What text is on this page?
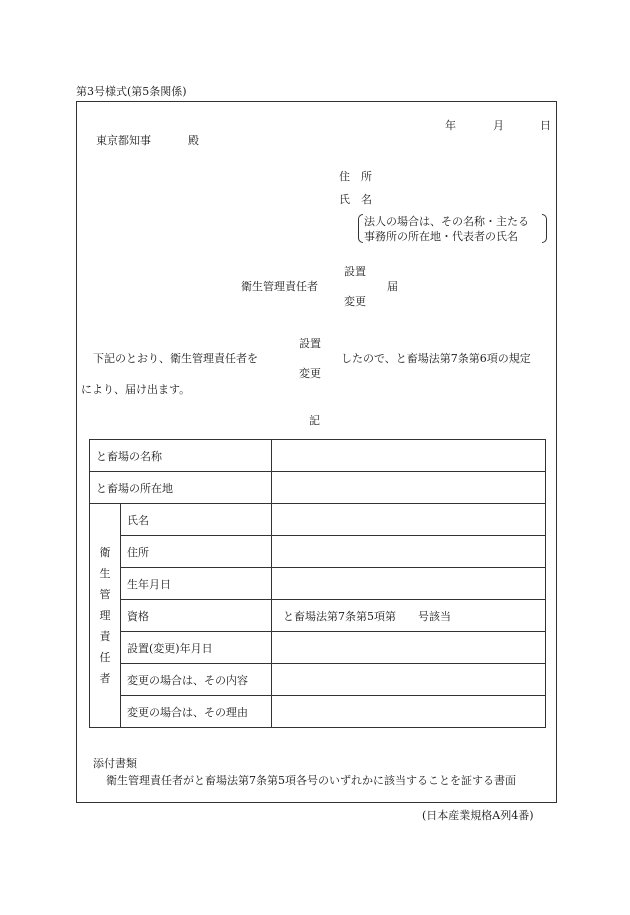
第3号様式(第5条関係)
年	月	日
東京都知事	殿
住　所
氏　名
法人の場合は、その名称・主たる
事務所の所在地・代表者の氏名
設置
衛生管理責任者	届
変更
設置
下記のとおり、衛生管理責任者を	したので、と畜場法第7条第6項の規定
変更
により、届け出ます。
記
と畜場の名称		
と畜場の所在地		
衛生管理責任者	氏名	
	住所	
	生年月日	
	資格	と畜場法第7条第5項第　　号該当
	設置(変更)年月日	
	変更の場合は、その内容	
	変更の場合は、その理由	
添付書類
衛生管理責任者がと畜場法第7条第5項各号のいずれかに該当することを証する書面
(日本産業規格A列4番)
